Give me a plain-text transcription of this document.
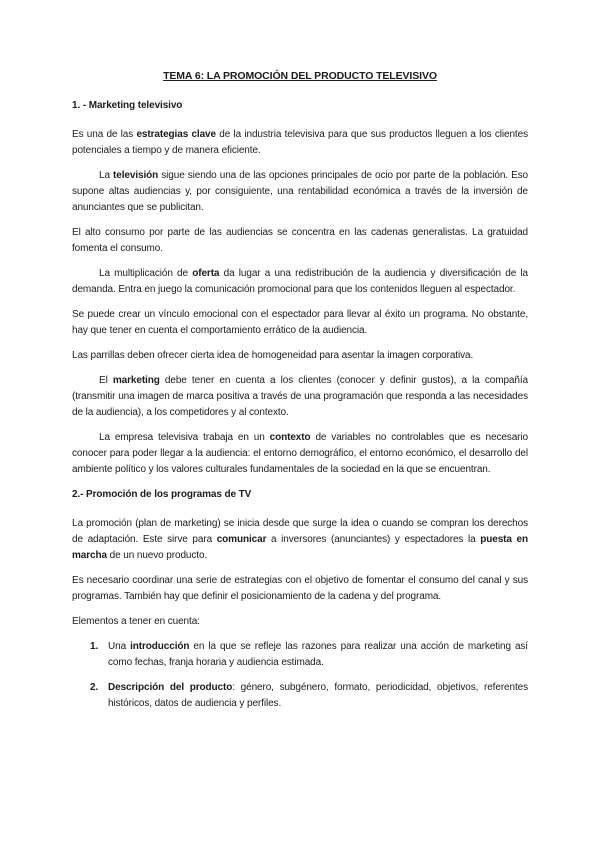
TEMA 6: LA PROMOCIÓN DEL PRODUCTO TELEVISIVO
1. - Marketing televisivo

Es una de las estrategias clave de la industria televisiva para que sus productos lleguen a los clientes potenciales a tiempo y de manera eficiente.

La televisión sigue siendo una de las opciones principales de ocio por parte de la población. Eso supone altas audiencias y, por consiguiente, una rentabilidad económica a través de la inversión de anunciantes que se publicitan.

El alto consumo por parte de las audiencias se concentra en las cadenas generalistas. La gratuidad fomenta el consumo.

La multiplicación de oferta da lugar a una redistribución de la audiencia y diversificación de la demanda. Entra en juego la comunicación promocional para que los contenidos lleguen al espectador.

Se puede crear un vínculo emocional con el espectador para llevar al éxito un programa. No obstante, hay que tener en cuenta el comportamiento errático de la audiencia.

Las parrillas deben ofrecer cierta idea de homogeneidad para asentar la imagen corporativa.

El marketing debe tener en cuenta a los clientes (conocer y definir gustos), a la compañía (transmitir una imagen de marca positiva a través de una programación que responda a las necesidades de la audiencia), a los competidores y al contexto.

La empresa televisiva trabaja en un contexto de variables no controlables que es necesario conocer para poder llegar a la audiencia: el entorno demográfico, el entorno económico, el desarrollo del ambiente político y los valores culturales fundamentales de la sociedad en la que se encuentran.

2.- Promoción de los programas de TV

La promoción (plan de marketing) se inicia desde que surge la idea o cuando se compran los derechos de adaptación. Este sirve para comunicar a inversores (anunciantes) y espectadores la puesta en marcha de un nuevo producto.

Es necesario coordinar una serie de estrategias con el objetivo de fomentar el consumo del canal y sus programas. También hay que definir el posicionamiento de la cadena y del programa.

Elementos a tener en cuenta:

1. Una introducción en la que se refleje las razones para realizar una acción de marketing así como fechas, franja horaria y audiencia estimada.
2. Descripción del producto: género, subgénero, formato, periodicidad, objetivos, referentes históricos, datos de audiencia y perfiles.
